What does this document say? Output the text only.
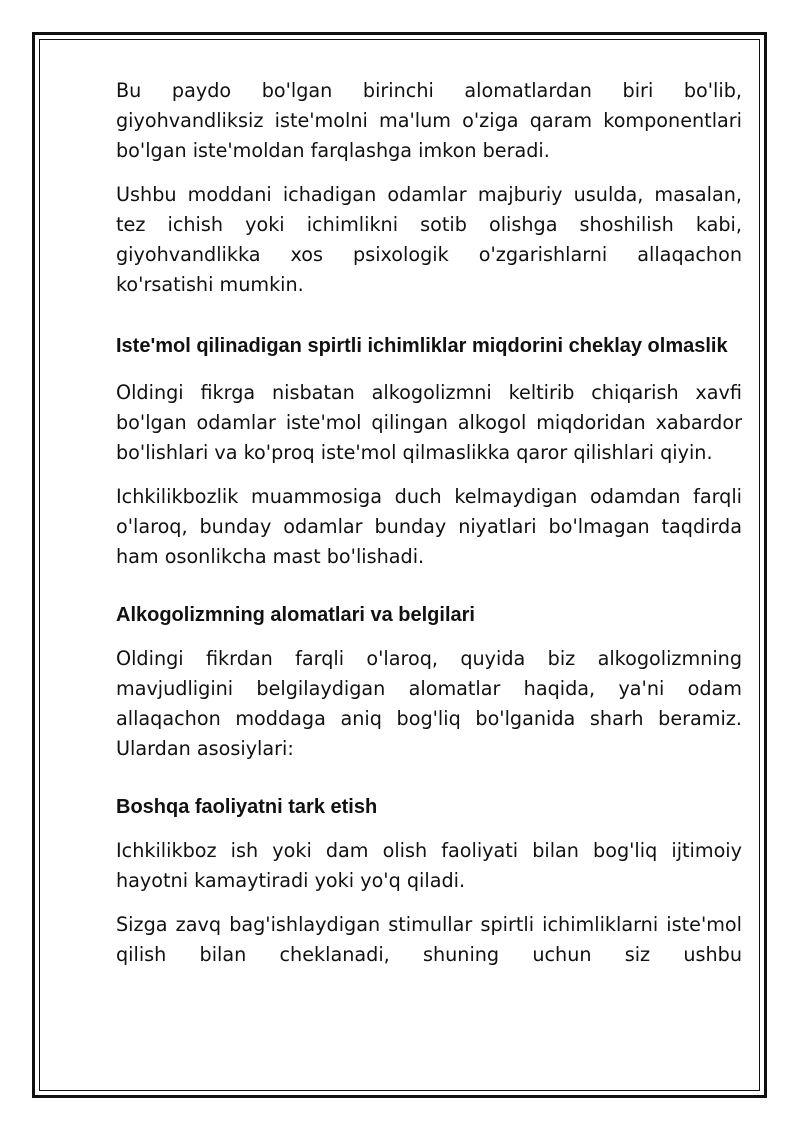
Bu paydo bo'lgan birinchi alomatlardan biri bo'lib, giyohvandliksiz iste'molni ma'lum o'ziga qaram komponentlari bo'lgan iste'moldan farqlashga imkon beradi.

Ushbu moddani ichadigan odamlar majburiy usulda, masalan, tez ichish yoki ichimlikni sotib olishga shoshilish kabi, giyohvandlikka xos psixologik o'zgarishlarni allaqachon ko'rsatishi mumkin.

Iste'mol qilinadigan spirtli ichimliklar miqdorini cheklay olmaslik

Oldingi fikrga nisbatan alkogolizmni keltirib chiqarish xavfi bo'lgan odamlar iste'mol qilingan alkogol miqdoridan xabardor bo'lishlari va ko'proq iste'mol qilmaslikka qaror qilishlari qiyin.

Ichkilikbozlik muammosiga duch kelmaydigan odamdan farqli o'laroq, bunday odamlar bunday niyatlari bo'lmagan taqdirda ham osonlikcha mast bo'lishadi.

Alkogolizmning alomatlari va belgilari

Oldingi fikrdan farqli o'laroq, quyida biz alkogolizmning mavjudligini belgilaydigan alomatlar haqida, ya'ni odam allaqachon moddaga aniq bog'liq bo'lganida sharh beramiz. Ulardan asosiylari:

Boshqa faoliyatni tark etish

Ichkilikboz ish yoki dam olish faoliyati bilan bog'liq ijtimoiy hayotni kamaytiradi yoki yo'q qiladi.

Sizga zavq bag'ishlaydigan stimullar spirtli ichimliklarni iste'mol qilish bilan cheklanadi, shuning uchun siz ushbu
